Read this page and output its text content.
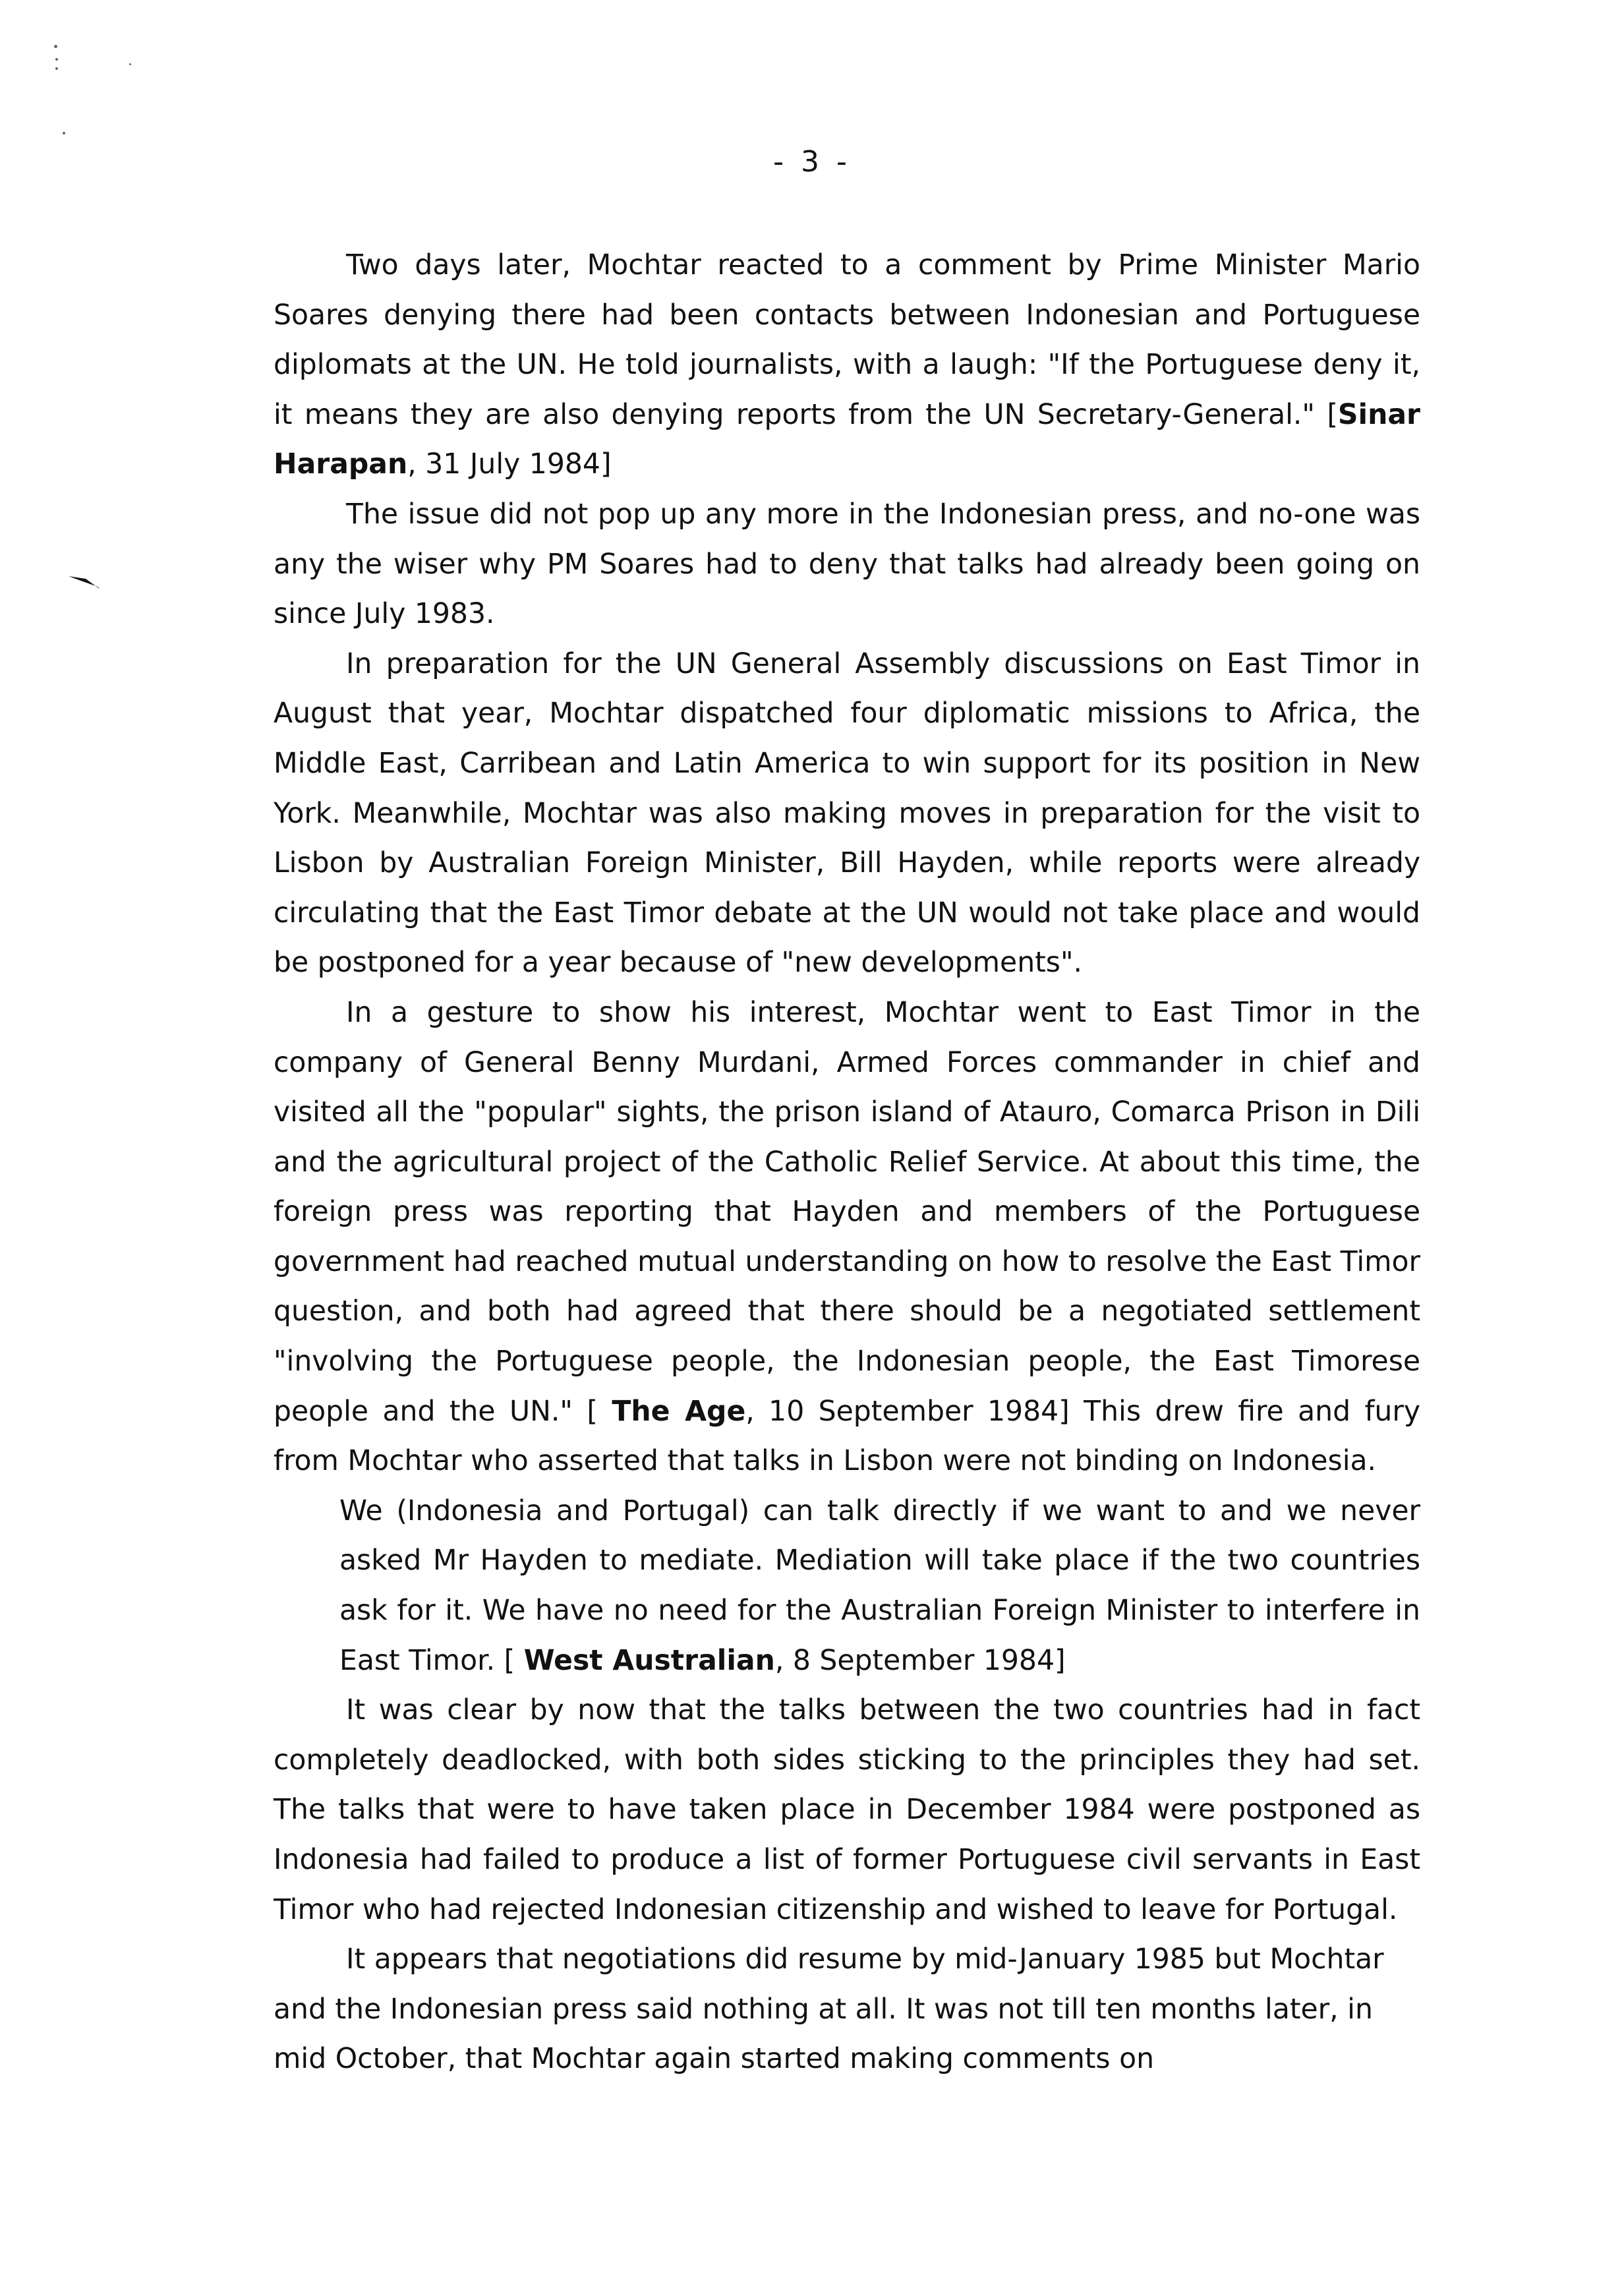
- 3 -

Two days later, Mochtar reacted to a comment by Prime Minister Mario Soares denying there had been contacts between Indonesian and Portuguese diplomats at the UN. He told journalists, with a laugh: "If the Portuguese deny it, it means they are also denying reports from the UN Secretary-General." [Sinar Harapan, 31 July 1984]

The issue did not pop up any more in the Indonesian press, and no-one was any the wiser why PM Soares had to deny that talks had already been going on since July 1983.

In preparation for the UN General Assembly discussions on East Timor in August that year, Mochtar dispatched four diplomatic missions to Africa, the Middle East, Carribean and Latin America to win support for its position in New York. Meanwhile, Mochtar was also making moves in preparation for the visit to Lisbon by Australian Foreign Minister, Bill Hayden, while reports were already circulating that the East Timor debate at the UN would not take place and would be postponed for a year because of "new developments".

In a gesture to show his interest, Mochtar went to East Timor in the company of General Benny Murdani, Armed Forces commander in chief and visited all the "popular" sights, the prison island of Atauro, Comarca Prison in Dili and the agricultural project of the Catholic Relief Service. At about this time, the foreign press was reporting that Hayden and members of the Portuguese government had reached mutual understanding on how to resolve the East Timor question, and both had agreed that there should be a negotiated settlement "involving the Portuguese people, the Indonesian people, the East Timorese people and the UN." [ The Age, 10 September 1984] This drew fire and fury from Mochtar who asserted that talks in Lisbon were not binding on Indonesia.

We (Indonesia and Portugal) can talk directly if we want to and we never asked Mr Hayden to mediate. Mediation will take place if the two countries ask for it. We have no need for the Australian Foreign Minister to interfere in East Timor. [ West Australian, 8 September 1984]

It was clear by now that the talks between the two countries had in fact completely deadlocked, with both sides sticking to the principles they had set. The talks that were to have taken place in December 1984 were postponed as Indonesia had failed to produce a list of former Portuguese civil servants in East Timor who had rejected Indonesian citizenship and wished to leave for Portugal.

It appears that negotiations did resume by mid-January 1985 but Mochtar and the Indonesian press said nothing at all. It was not till ten months later, in mid October, that Mochtar again started making comments on
